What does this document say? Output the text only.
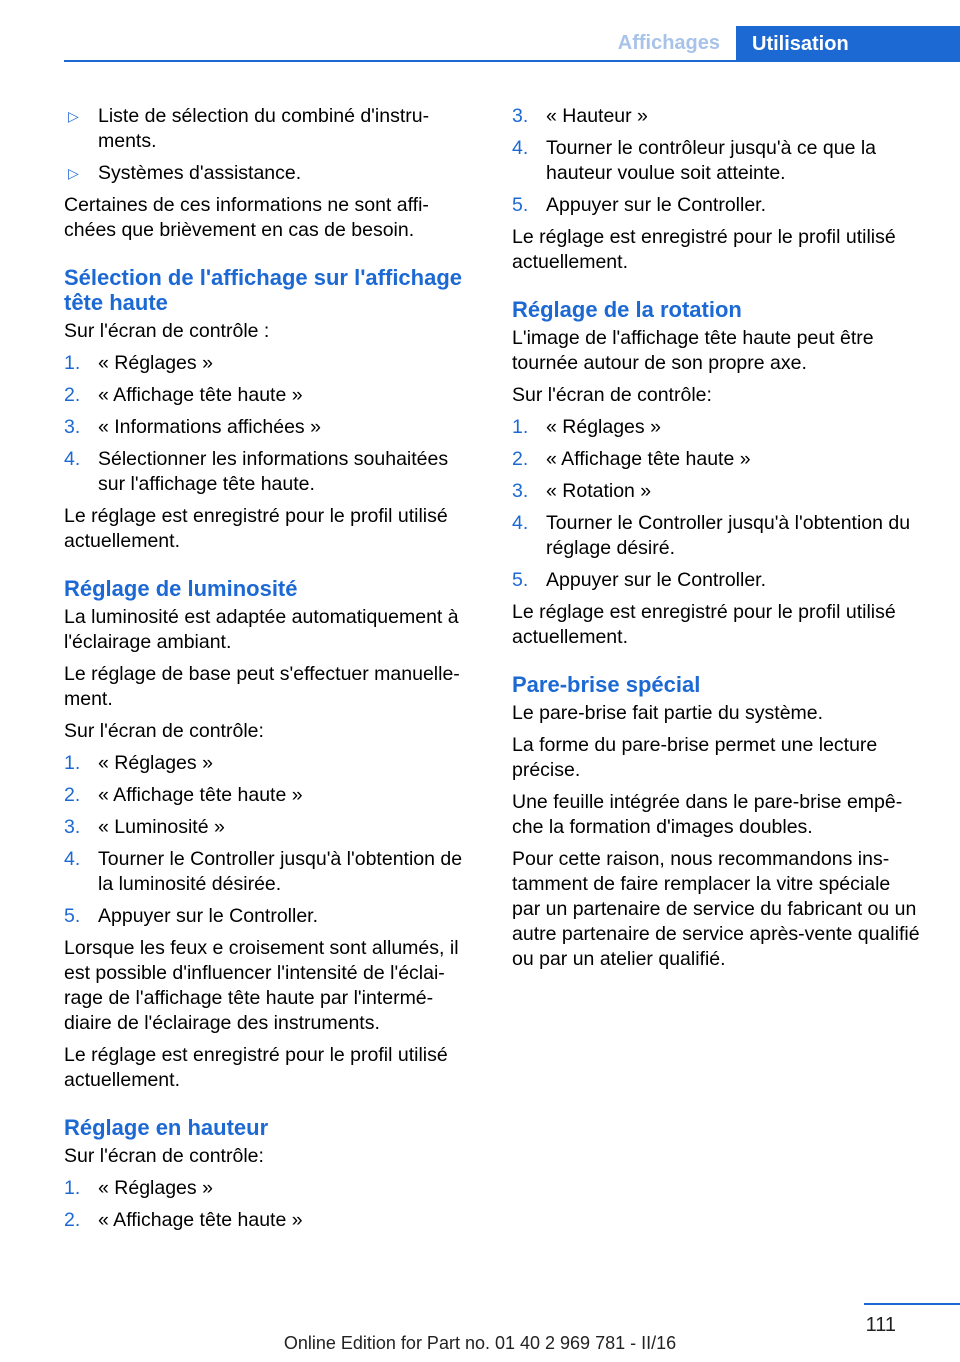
Affichages	Utilisation
▷ Liste de sélection du combiné d'instru-
ments.
▷ Systèmes d'assistance.

Certaines de ces informations ne sont affi-
chées que brièvement en cas de besoin.

Sélection de l'affichage sur l'affichage
tête haute

Sur l'écran de contrôle :

1. « Réglages »
2. « Affichage tête haute »
3. « Informations affichées »
4. Sélectionner les informations souhaitées
sur l'affichage tête haute.

Le réglage est enregistré pour le profil utilisé
actuellement.

Réglage de luminosité

La luminosité est adaptée automatiquement à
l'éclairage ambiant.

Le réglage de base peut s'effectuer manuelle-
ment.

Sur l'écran de contrôle:

1. « Réglages »
2. « Affichage tête haute »
3. « Luminosité »
4. Tourner le Controller jusqu'à l'obtention de
la luminosité désirée.
5. Appuyer sur le Controller.

Lorsque les feux e croisement sont allumés, il
est possible d'influencer l'intensité de l'éclai-
rage de l'affichage tête haute par l'intermé-
diaire de l'éclairage des instruments.

Le réglage est enregistré pour le profil utilisé
actuellement.

Réglage en hauteur

Sur l'écran de contrôle:

1. « Réglages »
2. « Affichage tête haute »
3. « Hauteur »
4. Tourner le contrôleur jusqu'à ce que la
hauteur voulue soit atteinte.
5. Appuyer sur le Controller.

Le réglage est enregistré pour le profil utilisé
actuellement.

Réglage de la rotation

L'image de l'affichage tête haute peut être
tournée autour de son propre axe.

Sur l'écran de contrôle:

1. « Réglages »
2. « Affichage tête haute »
3. « Rotation »
4. Tourner le Controller jusqu'à l'obtention du
réglage désiré.
5. Appuyer sur le Controller.

Le réglage est enregistré pour le profil utilisé
actuellement.

Pare-brise spécial

Le pare-brise fait partie du système.

La forme du pare-brise permet une lecture
précise.

Une feuille intégrée dans le pare-brise empê-
che la formation d'images doubles.

Pour cette raison, nous recommandons ins-
tamment de faire remplacer la vitre spéciale
par un partenaire de service du fabricant ou un
autre partenaire de service après-vente qualifié
ou par un atelier qualifié.

111
Online Edition for Part no. 01 40 2 969 781 - II/16
